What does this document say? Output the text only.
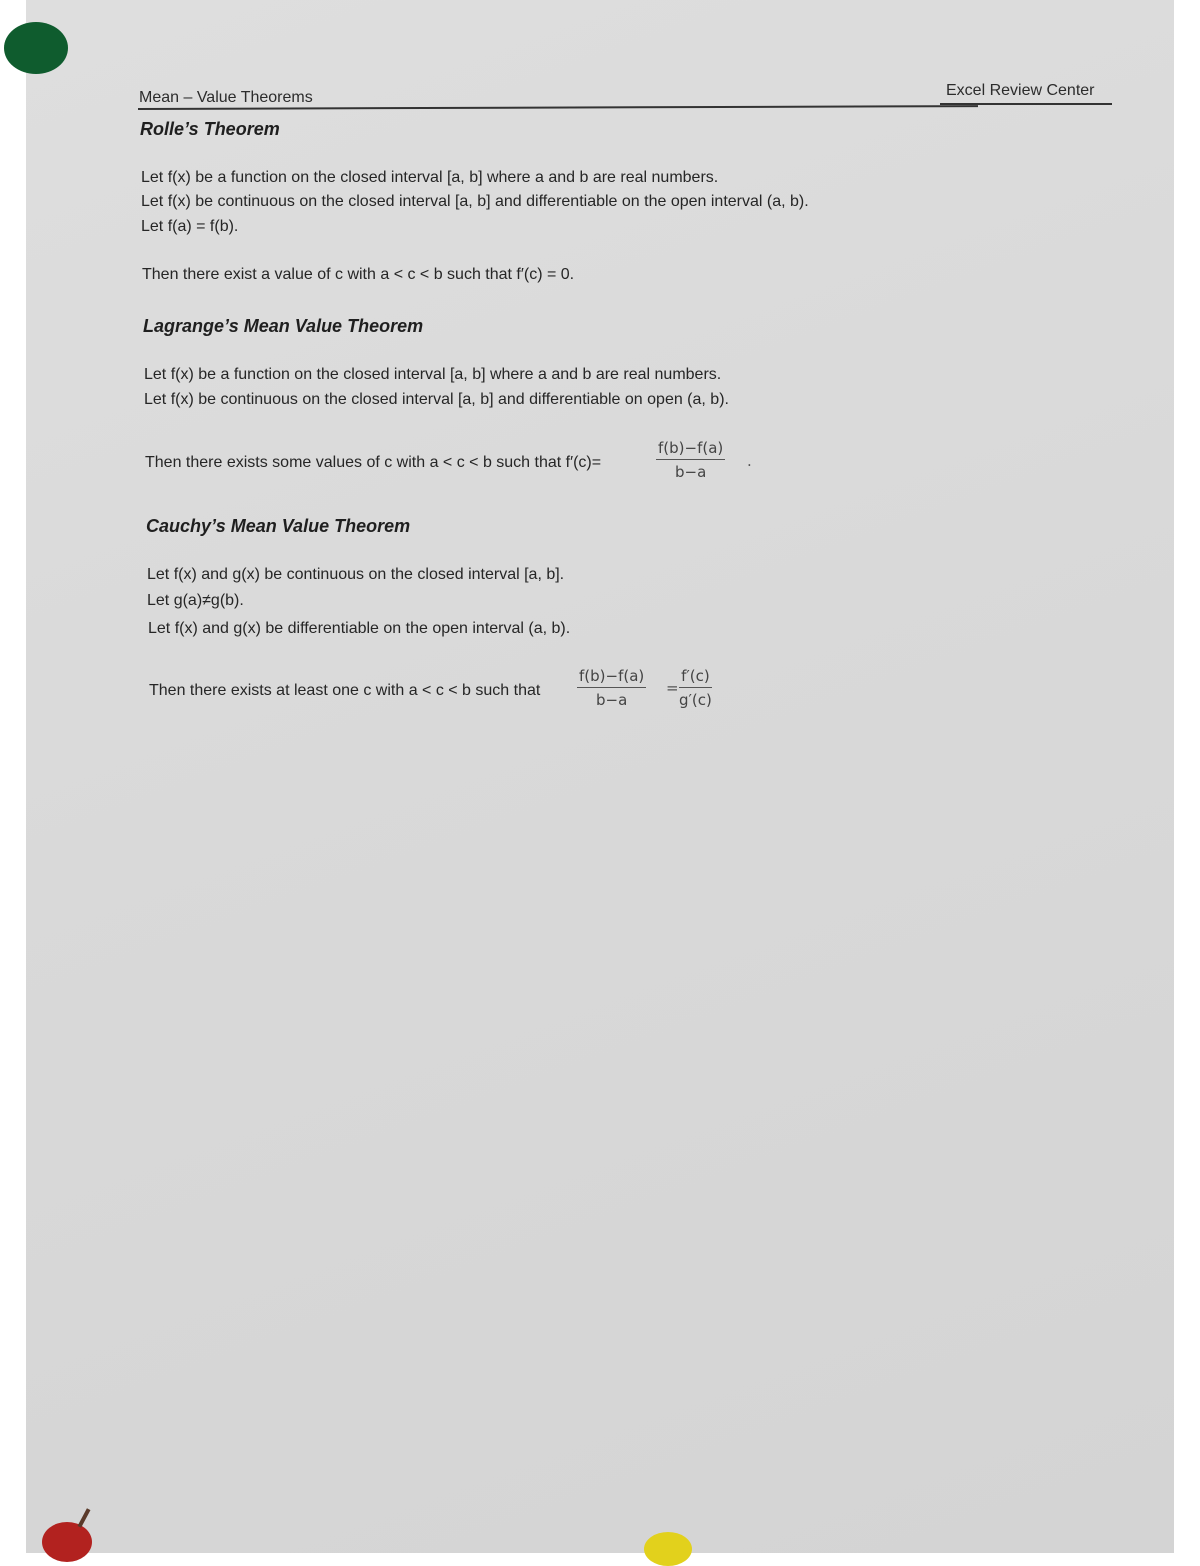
Mean – Value Theorems	Excel Review Center
Rolle’s Theorem
Let f(x) be a function on the closed interval [a, b] where a and b are real numbers.
Let f(x) be continuous on the closed interval [a, b] and differentiable on the open interval (a, b).
Let f(a) = f(b).
Then there exist a value of c with a < c < b such that f′(c) = 0.
Lagrange’s Mean Value Theorem
Let f(x) be a function on the closed interval [a, b] where a and b are real numbers.
Let f(x) be continuous on the closed interval [a, b] and differentiable on open (a, b).
Then there exists some values of c with a < c < b such that f′(c)=	$\frac{f(b)-f(a)}{b-a}$ .
Cauchy’s Mean Value Theorem
Let f(x) and g(x) be continuous on the closed interval [a, b].
Let g(a)≠g(b).
Let f(x) and g(x) be differentiable on the open interval (a, b).
Then there exists at least one c with a < c < b such that $\frac{f(b)-f(a)}{b-a} = \frac{f'(c)}{g'(c)}$
